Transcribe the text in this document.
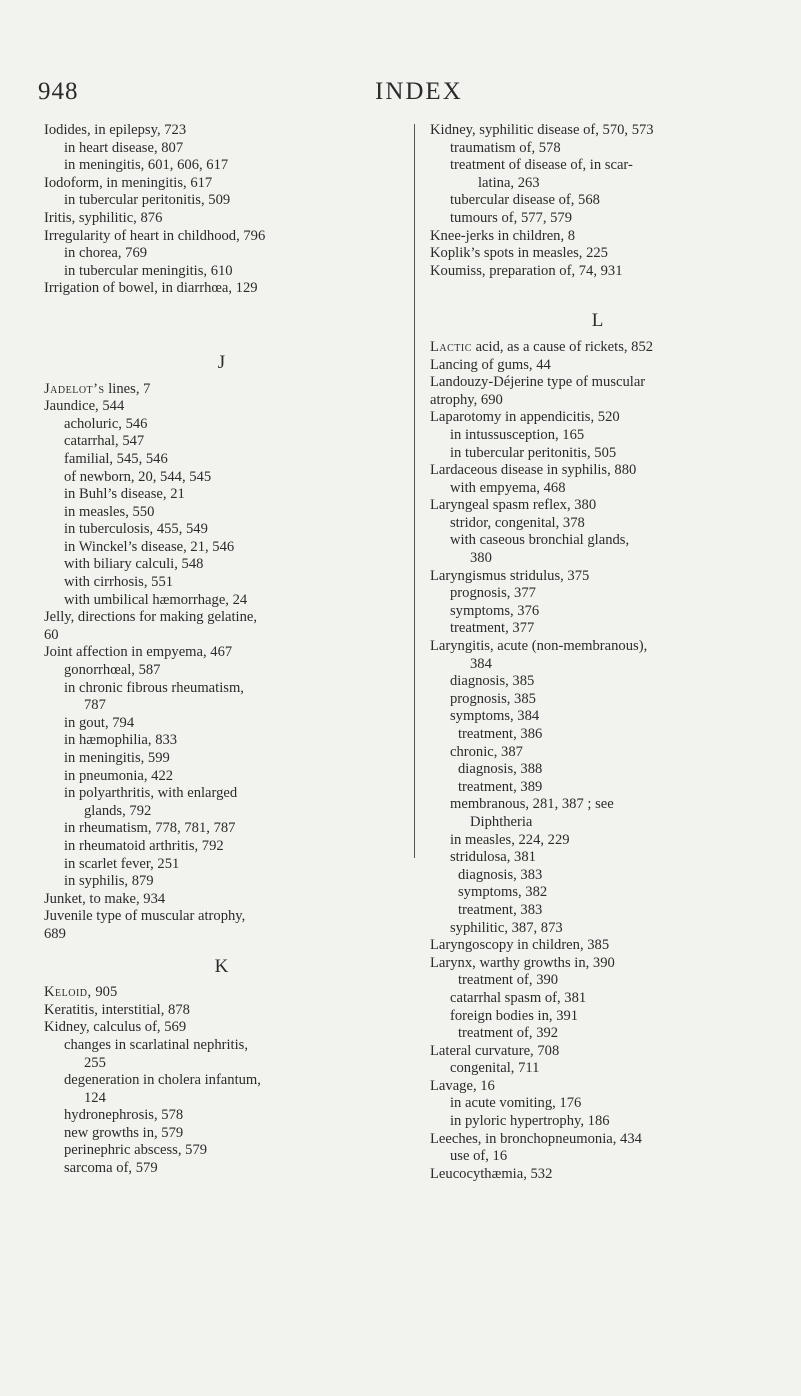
948	INDEX

Iodides, in epilepsy, 723

in heart disease, 807

in meningitis, 601, 606, 617

Iodoform, in meningitis, 617

in tubercular peritonitis, 509

Iritis, syphilitic, 876

Irregularity of heart in childhood, 796

in chorea, 769

in tubercular meningitis, 610

Irrigation of bowel, in diarrhœa, 129

J

Jadelot’s lines, 7

Jaundice, 544

acholuric, 546

catarrhal, 547

familial, 545, 546

of newborn, 20, 544, 545

in Buhl’s disease, 21

in measles, 550

in tuberculosis, 455, 549

in Winckel’s disease, 21, 546

with biliary calculi, 548

with cirrhosis, 551

with umbilical hæmorrhage, 24

Jelly, directions for making gelatine,

60

Joint affection in empyema, 467

gonorrhœal, 587

in chronic fibrous rheumatism,

787

in gout, 794

in hæmophilia, 833

in meningitis, 599

in pneumonia, 422

in polyarthritis, with enlarged

glands, 792

in rheumatism, 778, 781, 787

in rheumatoid arthritis, 792

in scarlet fever, 251

in syphilis, 879

Junket, to make, 934

Juvenile type of muscular atrophy,

689

K

Keloid, 905

Keratitis, interstitial, 878

Kidney, calculus of, 569

changes in scarlatinal nephritis,

255

degeneration in cholera infantum,

124

hydronephrosis, 578

new growths in, 579

perinephric abscess, 579

sarcoma of, 579

Kidney, syphilitic disease of, 570, 573

traumatism of, 578

treatment of disease of, in scar-

latina, 263

tubercular disease of, 568

tumours of, 577, 579

Knee-jerks in children, 8

Koplik’s spots in measles, 225

Koumiss, preparation of, 74, 931

L

Lactic acid, as a cause of rickets, 852

Lancing of gums, 44

Landouzy-Déjerine type of muscular

atrophy, 690

Laparotomy in appendicitis, 520

in intussusception, 165

in tubercular peritonitis, 505

Lardaceous disease in syphilis, 880

with empyema, 468

Laryngeal spasm reflex, 380

stridor, congenital, 378

with caseous bronchial glands,

380

Laryngismus stridulus, 375

prognosis, 377

symptoms, 376

treatment, 377

Laryngitis, acute (non-membranous),

384

diagnosis, 385

prognosis, 385

symptoms, 384

treatment, 386

chronic, 387

diagnosis, 388

treatment, 389

membranous, 281, 387 ; see

Diphtheria

in measles, 224, 229

stridulosa, 381

diagnosis, 383

symptoms, 382

treatment, 383

syphilitic, 387, 873

Laryngoscopy in children, 385

Larynx, warthy growths in, 390

treatment of, 390

catarrhal spasm of, 381

foreign bodies in, 391

treatment of, 392

Lateral curvature, 708

congenital, 711

Lavage, 16

in acute vomiting, 176

in pyloric hypertrophy, 186

Leeches, in bronchopneumonia, 434

use of, 16

Leucocythæmia, 532
